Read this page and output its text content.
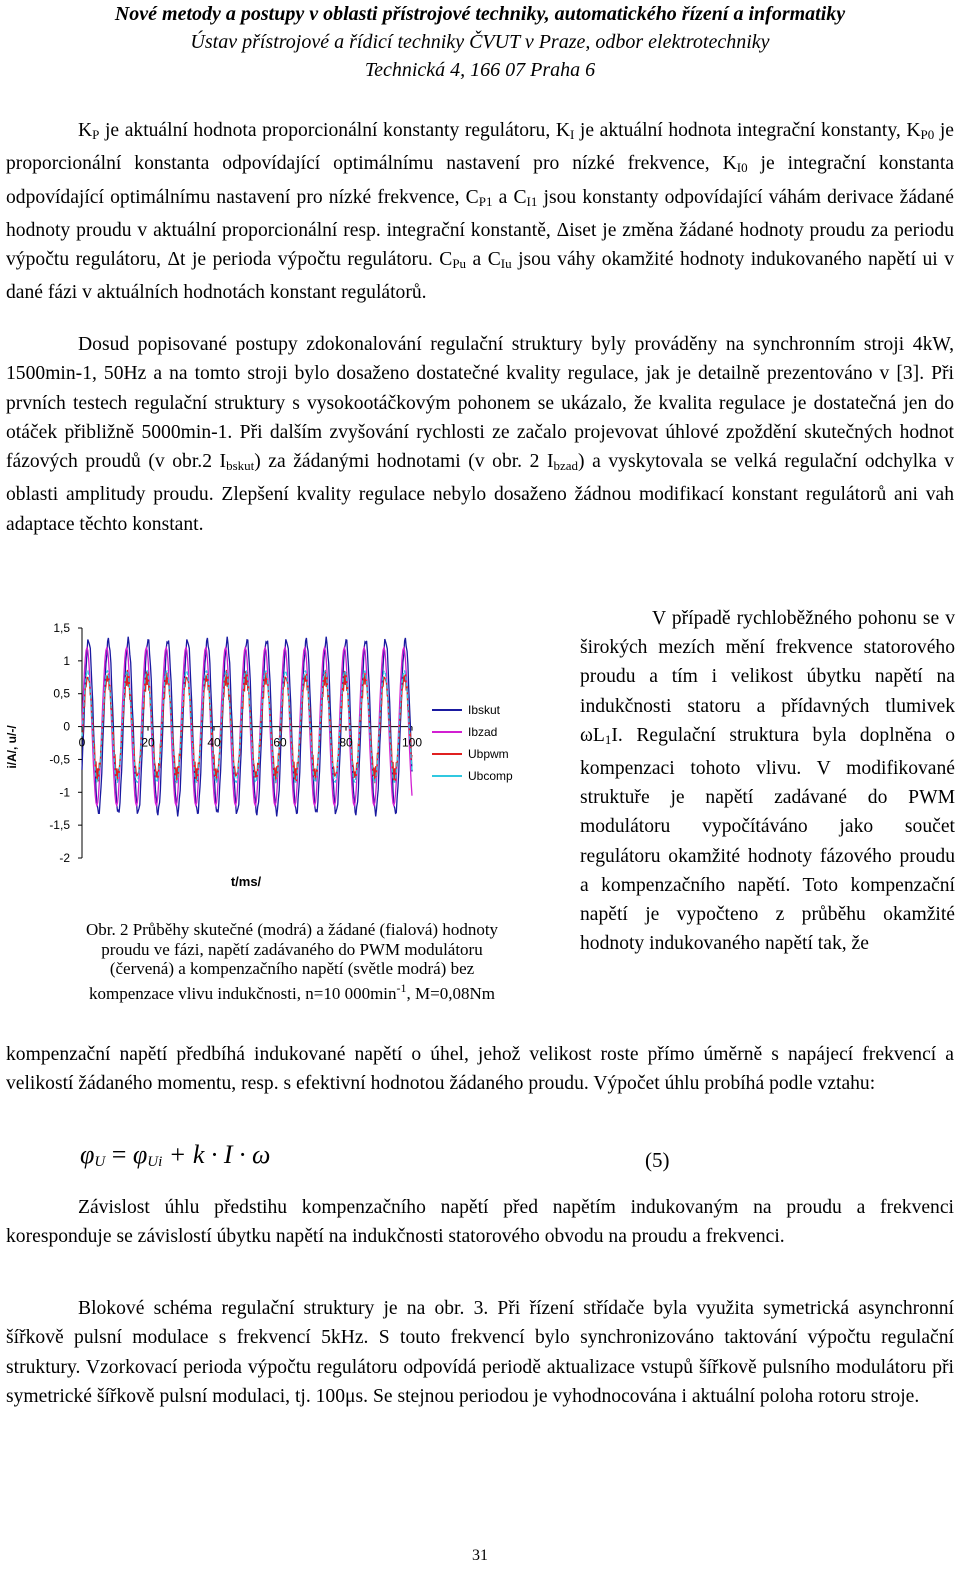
Nové metody a postupy v oblasti přístrojové techniky, automatického řízení a informatiky
Ústav přístrojové a řídicí techniky ČVUT v Praze, odbor elektrotechniky
Technická 4, 166 07 Praha 6
$K_P$ je aktuální hodnota proporcionální konstanty regulátoru, $K_I$ je aktuální hodnota integrační konstanty, $K_{P0}$ je proporcionální konstanta odpovídající optimálnímu nastavení pro nízké frekvence, $K_{I0}$ je integrační konstanta odpovídající optimálnímu nastavení pro nízké frekvence, $C_{P1}$ a $C_{I1}$ jsou konstanty odpovídající váhám derivace žádané hodnoty proudu v aktuální proporcionální resp. integrační konstantě, Δiset je změna žádané hodnoty proudu za periodu výpočtu regulátoru, Δt je perioda výpočtu regulátoru. $C_{Pu}$ a $C_{Iu}$ jsou váhy okamžité hodnoty indukovaného napětí ui v dané fázi v aktuálních hodnotách konstant regulátorů.
Dosud popisované postupy zdokonalování regulační struktury byly prováděny na synchronním stroji 4kW, 1500min-1, 50Hz a na tomto stroji bylo dosaženo dostatečné kvality regulace, jak je detailně prezentováno v [3]. Při prvních testech regulační struktury s vysokootáčkovým pohonem se ukázalo, že kvalita regulace je dostatečná jen do otáček přibližně 5000min-1. Při dalším zvyšování rychlosti ze začalo projevovat úhlové zpoždění skutečných hodnot fázových proudů (v obr.2 $I_{bskut}$) za žádanými hodnotami (v obr. 2 $I_{bzad}$) a vyskytovala se velká regulační odchylka v oblasti amplitudy proudu. Zlepšení kvality regulace nebylo dosaženo žádnou modifikací konstant regulátorů ani vah adaptace těchto konstant.
1,5
1
0,5
0
-0,5
-1
-1,5
-2
0	20	40	60	80	100
i/A/, u/-/
t/ms/
Ibskut
Ibzad
Ubpwm
Ubcomp
Obr. 2 Průběhy skutečné (modrá) a žádané (fialová) hodnoty
proudu ve fázi, napětí zadávaného do PWM modulátoru
(červená) a kompenzačního napětí (světle modrá) bez
kompenzace vlivu indukčnosti, n=10 $000\min^{-1}$, M=0,08Nm
V případě rychloběžného pohonu se v širokých mezích mění frekvence statorového proudu a tím i velikost úbytku napětí na indukčnosti statoru a přídavných tlumivek $\omega L_1I$. Regulační struktura byla doplněna o kompenzaci tohoto vlivu. V modifikované struktuře je napětí zadávané do PWM modulátoru vypočítáváno jako součet regulátoru okamžité hodnoty fázového proudu a kompenzačního napětí. Toto kompenzační napětí je vypočteno z průběhu okamžité hodnoty indukovaného napětí tak, že
kompenzační napětí předbíhá indukované napětí o úhel, jehož velikost roste přímo úměrně s napájecí frekvencí a velikostí žádaného momentu, resp. s efektivní hodnotou žádaného proudu. Výpočet úhlu probíhá podle vztahu:
$\varphi_U = \varphi_{Ui} + k \cdot I \cdot \omega$	(5)
Závislost úhlu předstihu kompenzačního napětí před napětím indukovaným na proudu a frekvenci koresponduje se závislostí úbytku napětí na indukčnosti statorového obvodu na proudu a frekvenci.
Blokové schéma regulační struktury je na obr. 3. Při řízení střídače byla využita symetrická asynchronní šířkově pulsní modulace s frekvencí 5kHz. S touto frekvencí bylo synchronizováno taktování výpočtu regulační struktury. Vzorkovací perioda výpočtu regulátoru odpovídá periodě aktualizace vstupů šířkově pulsního modulátoru při symetrické šířkově pulsní modulaci, tj. 100μs. Se stejnou periodou je vyhodnocována i aktuální poloha rotoru stroje.
31
